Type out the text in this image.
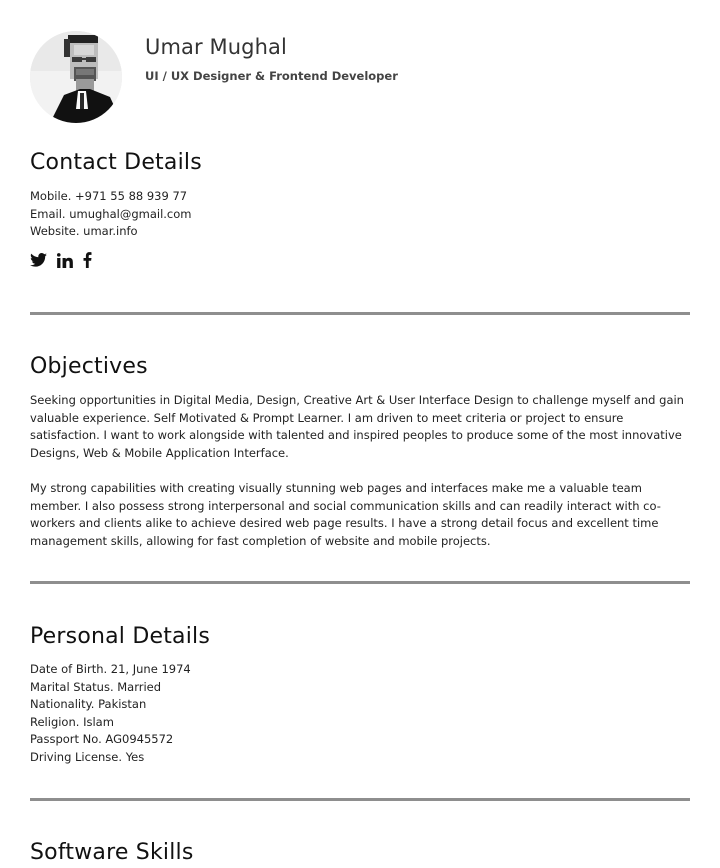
Umar Mughal
UI / UX Designer & Frontend Developer
Contact Details
Mobile. +971 55 88 939 77
Email. umughal@gmail.com
Website. umar.info
Objectives

Seeking opportunities in Digital Media, Design, Creative Art & User Interface Design to challenge myself and gain valuable experience. Self Motivated & Prompt Learner. I am driven to meet criteria or project to ensure satisfaction. I want to work alongside with talented and inspired peoples to produce some of the most innovative Designs, Web & Mobile Application Interface.

My strong capabilities with creating visually stunning web pages and interfaces make me a valuable team member. I also possess strong interpersonal and social communication skills and can readily interact with co-workers and clients alike to achieve desired web page results. I have a strong detail focus and excellent time management skills, allowing for fast completion of website and mobile projects.

Personal Details
Date of Birth. 21, June 1974
Marital Status. Married
Nationality. Pakistan
Religion. Islam
Passport No. AG0945572
Driving License. Yes
Software Skills
